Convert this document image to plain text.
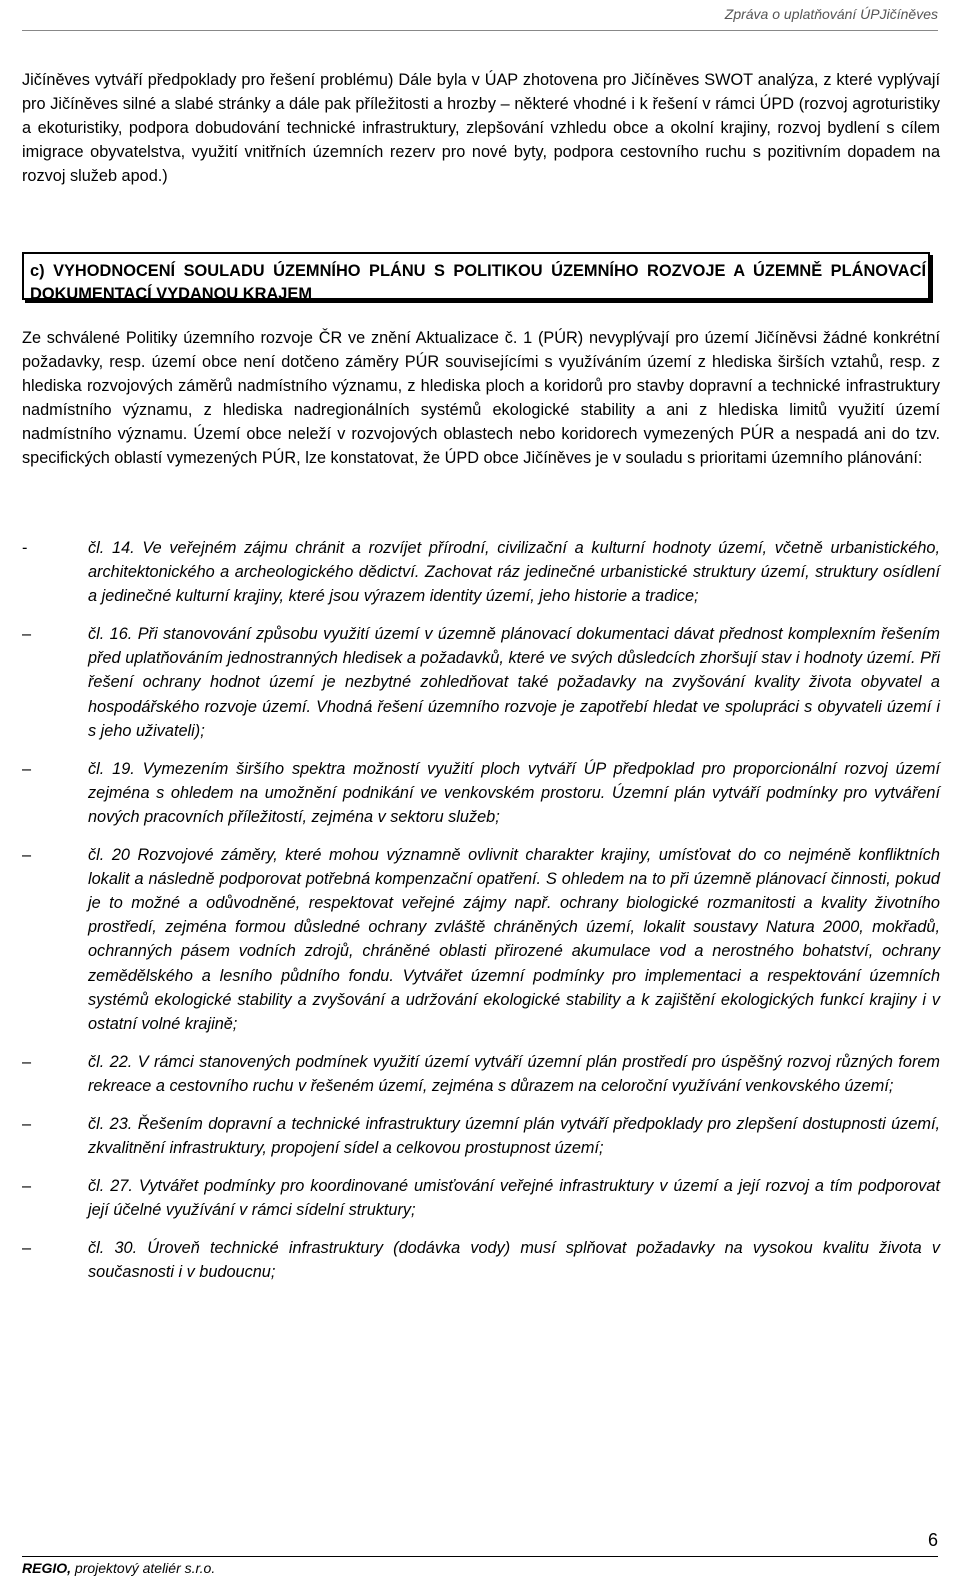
Zpráva o uplatňování ÚPJičíněves

Jičíněves vytváří předpoklady pro řešení problému) Dále byla v ÚAP zhotovena pro Jičíněves SWOT analýza, z které vyplývají pro Jičíněves silné a slabé stránky a dále pak příležitosti a hrozby – některé vhodné i k řešení v rámci ÚPD (rozvoj agroturistiky a ekoturistiky, podpora dobudování technické infrastruktury, zlepšování vzhledu obce a okolní krajiny, rozvoj bydlení s cílem imigrace obyvatelstva, využití vnitřních územních rezerv pro nové byty, podpora cestovního ruchu s pozitivním dopadem na rozvoj služeb apod.)

c) VYHODNOCENÍ SOULADU ÚZEMNÍHO PLÁNU S POLITIKOU ÚZEMNÍHO ROZVOJE A ÚZEMNĚ PLÁNOVACÍ DOKUMENTACÍ VYDANOU KRAJEM

Ze schválené Politiky územního rozvoje ČR ve znění Aktualizace č. 1 (PÚR) nevyplývají pro území Jičíněvsi žádné konkrétní požadavky, resp. území obce není dotčeno záměry PÚR souvisejícími s využíváním území z hlediska širších vztahů, resp. z hlediska rozvojových záměrů nadmístního významu, z hlediska ploch a koridorů pro stavby dopravní a technické infrastruktury nadmístního významu, z hlediska nadregionálních systémů ekologické stability a ani z hlediska limitů využití území nadmístního významu. Území obce neleží v rozvojových oblastech nebo koridorech vymezených PÚR a nespadá ani do tzv. specifických oblastí vymezených PÚR, lze konstatovat, že ÚPD obce Jičíněves je v souladu s prioritami územního plánování:

-	čl. 14. Ve veřejném zájmu chránit a rozvíjet přírodní, civilizační a kulturní hodnoty území, včetně urbanistického, architektonického a archeologického dědictví. Zachovat ráz jedinečné urbanistické struktury území, struktury osídlení a jedinečné kulturní krajiny, které jsou výrazem identity území, jeho historie a tradice;
–	čl. 16. Při stanovování způsobu využití území v územně plánovací dokumentaci dávat přednost komplexním řešením před uplatňováním jednostranných hledisek a požadavků, které ve svých důsledcích zhoršují stav i hodnoty území. Při řešení ochrany hodnot území je nezbytné zohledňovat také požadavky na zvyšování kvality života obyvatel a hospodářského rozvoje území. Vhodná řešení územního rozvoje je zapotřebí hledat ve spolupráci s obyvateli území i s jeho uživateli);
–	čl. 19. Vymezením širšího spektra možností využití ploch vytváří ÚP předpoklad pro proporcionální rozvoj území zejména s ohledem na umožnění podnikání ve venkovském prostoru. Územní plán vytváří podmínky pro vytváření nových pracovních příležitostí, zejména v sektoru služeb;
–	čl. 20 Rozvojové záměry, které mohou významně ovlivnit charakter krajiny, umísťovat do co nejméně konfliktních lokalit a následně podporovat potřebná kompenzační opatření. S ohledem na to při územně plánovací činnosti, pokud je to možné a odůvodněné, respektovat veřejné zájmy např. ochrany biologické rozmanitosti a kvality životního prostředí, zejména formou důsledné ochrany zvláště chráněných území, lokalit soustavy Natura 2000, mokřadů, ochranných pásem vodních zdrojů, chráněné oblasti přirozené akumulace vod a nerostného bohatství, ochrany zemědělského a lesního půdního fondu. Vytvářet územní podmínky pro implementaci a respektování územních systémů ekologické stability a zvyšování a udržování ekologické stability a k zajištění ekologických funkcí krajiny i v ostatní volné krajině;
–	čl. 22. V rámci stanovených podmínek využití území vytváří územní plán prostředí pro úspěšný rozvoj různých forem rekreace a cestovního ruchu v řešeném území, zejména s důrazem na celoroční využívání venkovského území;
–	čl. 23. Řešením dopravní a technické infrastruktury územní plán vytváří předpoklady pro zlepšení dostupnosti území, zkvalitnění infrastruktury, propojení sídel a celkovou prostupnost území;
–	čl. 27. Vytvářet podmínky pro koordinované umisťování veřejné infrastruktury v území a její rozvoj a tím podporovat její účelné využívání v rámci sídelní struktury;
–	čl. 30. Úroveň technické infrastruktury (dodávka vody) musí splňovat požadavky na vysokou kvalitu života v současnosti i v budoucnu;
6
REGIO, projektový ateliér s.r.o.
